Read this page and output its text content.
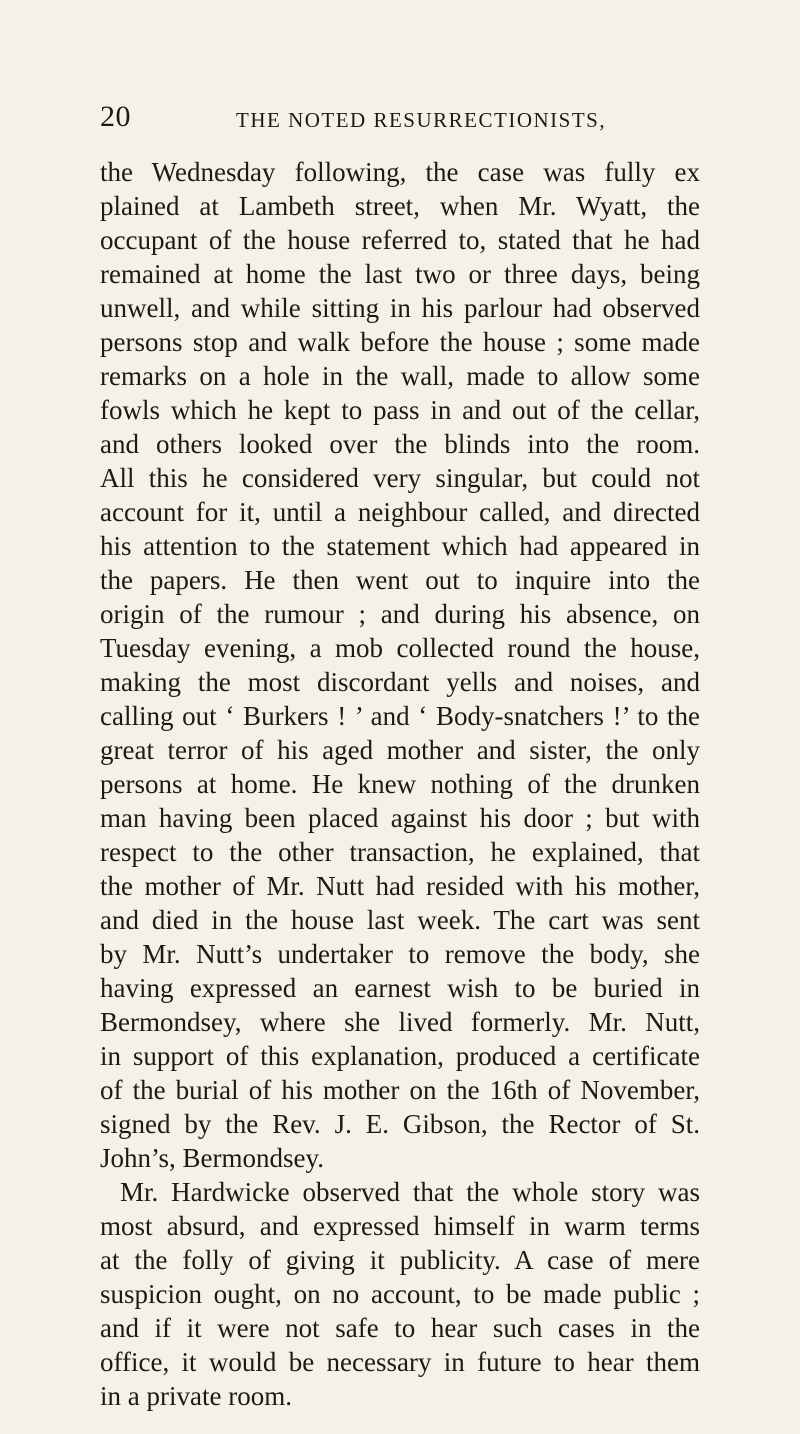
20	THE NOTED RESURRECTIONISTS,
the Wednesday following, the case was fully ex
plained at Lambeth street, when Mr. Wyatt, the
occupant of the house referred to, stated that he had
remained at home the last two or three days, being
unwell, and while sitting in his parlour had observed
persons stop and walk before the house ; some made
remarks on a hole in the wall, made to allow some
fowls which he kept to pass in and out of the cellar,
and others looked over the blinds into the room.
All this he considered very singular, but could not
account for it, until a neighbour called, and directed
his attention to the statement which had appeared in
the papers. He then went out to inquire into the
origin of the rumour ; and during his absence, on
Tuesday evening, a mob collected round the house,
making the most discordant yells and noises, and
calling out ‘ Burkers ! ’ and ‘ Body-snatchers !’ to the
great terror of his aged mother and sister, the only
persons at home. He knew nothing of the drunken
man having been placed against his door ; but with
respect to the other transaction, he explained, that
the mother of Mr. Nutt had resided with his mother,
and died in the house last week. The cart was sent
by Mr. Nutt’s undertaker to remove the body, she
having expressed an earnest wish to be buried in
Bermondsey, where she lived formerly. Mr. Nutt,
in support of this explanation, produced a certificate
of the burial of his mother on the 16th of November,
signed by the Rev. J. E. Gibson, the Rector of St.
John’s, Bermondsey.
Mr. Hardwicke observed that the whole story was
most absurd, and expressed himself in warm terms
at the folly of giving it publicity. A case of mere
suspicion ought, on no account, to be made public ;
and if it were not safe to hear such cases in the
office, it would be necessary in future to hear them
in a private room.
